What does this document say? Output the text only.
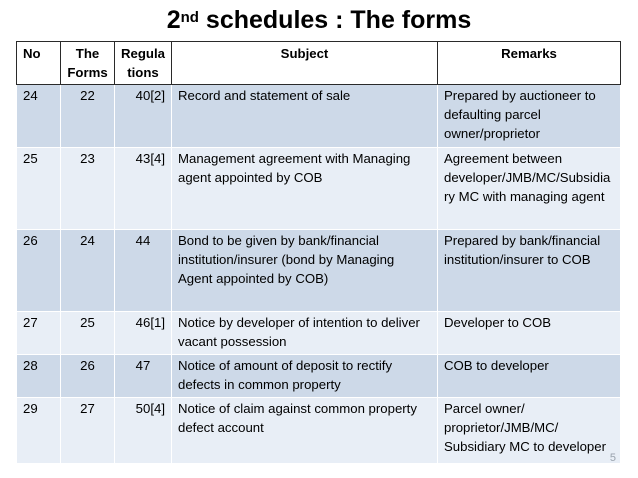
2nd schedules : The forms
No	The Forms	Regula tions	Subject	Remarks
24	22	40[2]	Record and statement of sale	Prepared by auctioneer to defaulting parcel owner/proprietor
25	23	43[4]	Management agreement with Managing agent appointed by COB	Agreement between developer/JMB/MC/Subsidiary MC with managing agent
26	24	44	Bond to be given by bank/financial institution/insurer (bond by Managing Agent appointed by COB)	Prepared by bank/financial institution/insurer to COB
27	25	46[1]	Notice by developer of intention to deliver vacant possession	Developer to COB
28	26	47	Notice of amount of deposit to rectify defects in common property	COB to developer
29	27	50[4]	Notice of claim against common property defect account	Parcel owner/ proprietor/JMB/MC/ Subsidiary MC to developer
5
